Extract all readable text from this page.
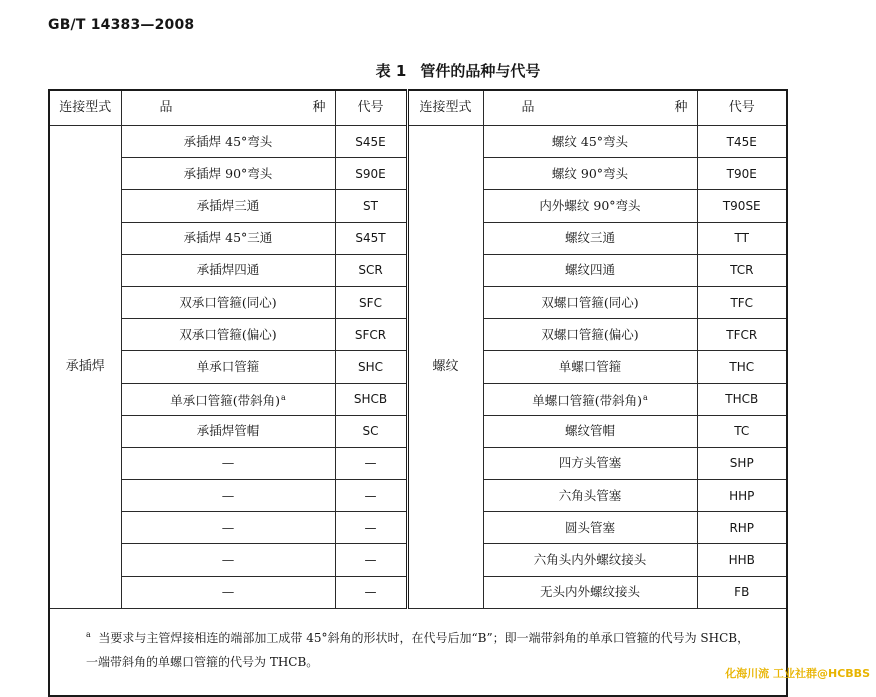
GB/T 14383—2008
表 1 管件的品种与代号
连接型式	品　　种	代号	连接型式	品　　种	代号
承插焊	承插焊 45°弯头	S45E	螺纹	螺纹 45°弯头	T45E
	承插焊 90°弯头	S90E		螺纹 90°弯头	T90E
	承插焊三通	ST		内外螺纹 90°弯头	T90SE
	承插焊 45°三通	S45T		螺纹三通	TT
	承插焊四通	SCR		螺纹四通	TCR
	双承口管箍(同心)	SFC		双螺口管箍(同心)	TFC
	双承口管箍(偏心)	SFCR		双螺口管箍(偏心)	TFCR
	单承口管箍	SHC		单螺口管箍	THC
	单承口管箍(带斜角)$^a$	SHCB		单螺口管箍(带斜角)$^a$	THCB
	承插焊管帽	SC		螺纹管帽	TC
	—	—		四方头管塞	SHP
	—	—		六角头管塞	HHP
	—	—		圆头管塞	RHP
	—	—		六角头内外螺纹接头	HHB
	—	—		无头内外螺纹接头	FB
$^a$ 当要求与主管焊接相连的端部加工成带 45°斜角的形状时，在代号后加“B”；即一端带斜角的单承口管箍的代号为 SHCB，一端带斜角的单螺口管箍的代号为 THCB。					
化海川流 工业社群@HCBBS
